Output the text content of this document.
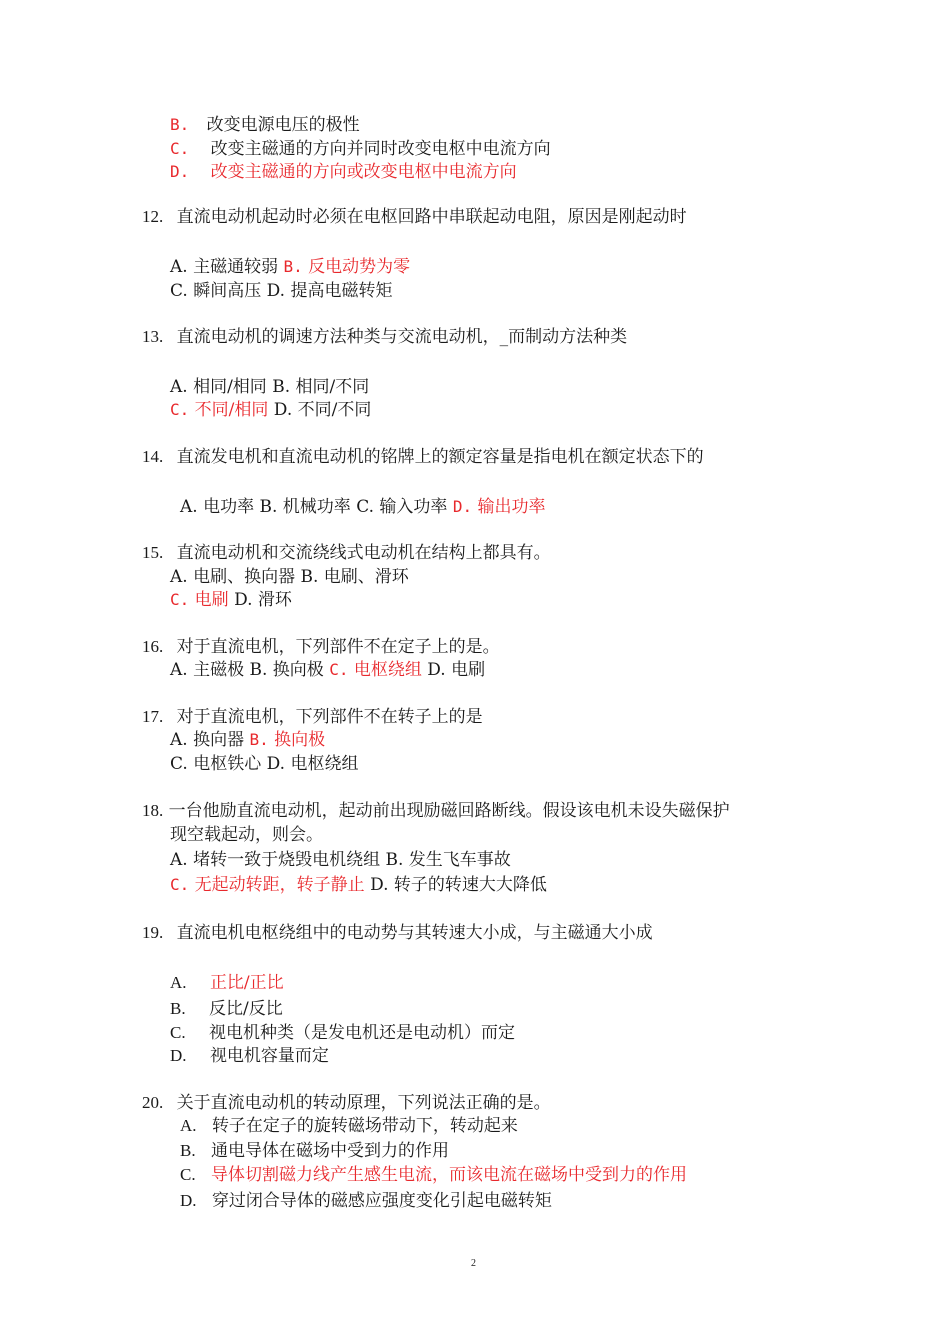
B. 改变电源电压的极性
C. 改变主磁通的方向并同时改变电枢中电流方向
D. 改变主磁通的方向或改变电枢中电流方向
12. 直流电动机起动时必须在电枢回路中串联起动电阻，原因是刚起动时
A. 主磁通较弱 B. 反电动势为零
C. 瞬间高压 D. 提高电磁转矩
13. 直流电动机的调速方法种类与交流电动机，_而制动方法种类
A. 相同/相同 B. 相同/不同
C. 不同/相同 D. 不同/不同
14. 直流发电机和直流电动机的铭牌上的额定容量是指电机在额定状态下的
A. 电功率 B. 机械功率 C. 输入功率 D. 输出功率
15. 直流电动机和交流绕线式电动机在结构上都具有。
A. 电刷、换向器 B. 电刷、滑环
C. 电刷 D. 滑环
16. 对于直流电机，下列部件不在定子上的是。
A. 主磁极 B. 换向极 C. 电枢绕组 D. 电刷
17. 对于直流电机，下列部件不在转子上的是
A. 换向器 B. 换向极
C. 电枢铁心 D. 电枢绕组
18. 一台他励直流电动机，起动前出现励磁回路断线。假设该电机未设失磁保护
现空载起动，则会。
A. 堵转一致于烧毁电机绕组 B. 发生飞车事故
C. 无起动转距，转子静止 D. 转子的转速大大降低
19. 直流电机电枢绕组中的电动势与其转速大小成，与主磁通大小成
A. 正比/正比
B. 反比/反比
C. 视电机种类（是发电机还是电动机）而定
D. 视电机容量而定
20. 关于直流电动机的转动原理，下列说法正确的是。
A. 转子在定子的旋转磁场带动下，转动起来
B. 通电导体在磁场中受到力的作用
C. 导体切割磁力线产生感生电流，而该电流在磁场中受到力的作用
D. 穿过闭合导体的磁感应强度变化引起电磁转矩
2
